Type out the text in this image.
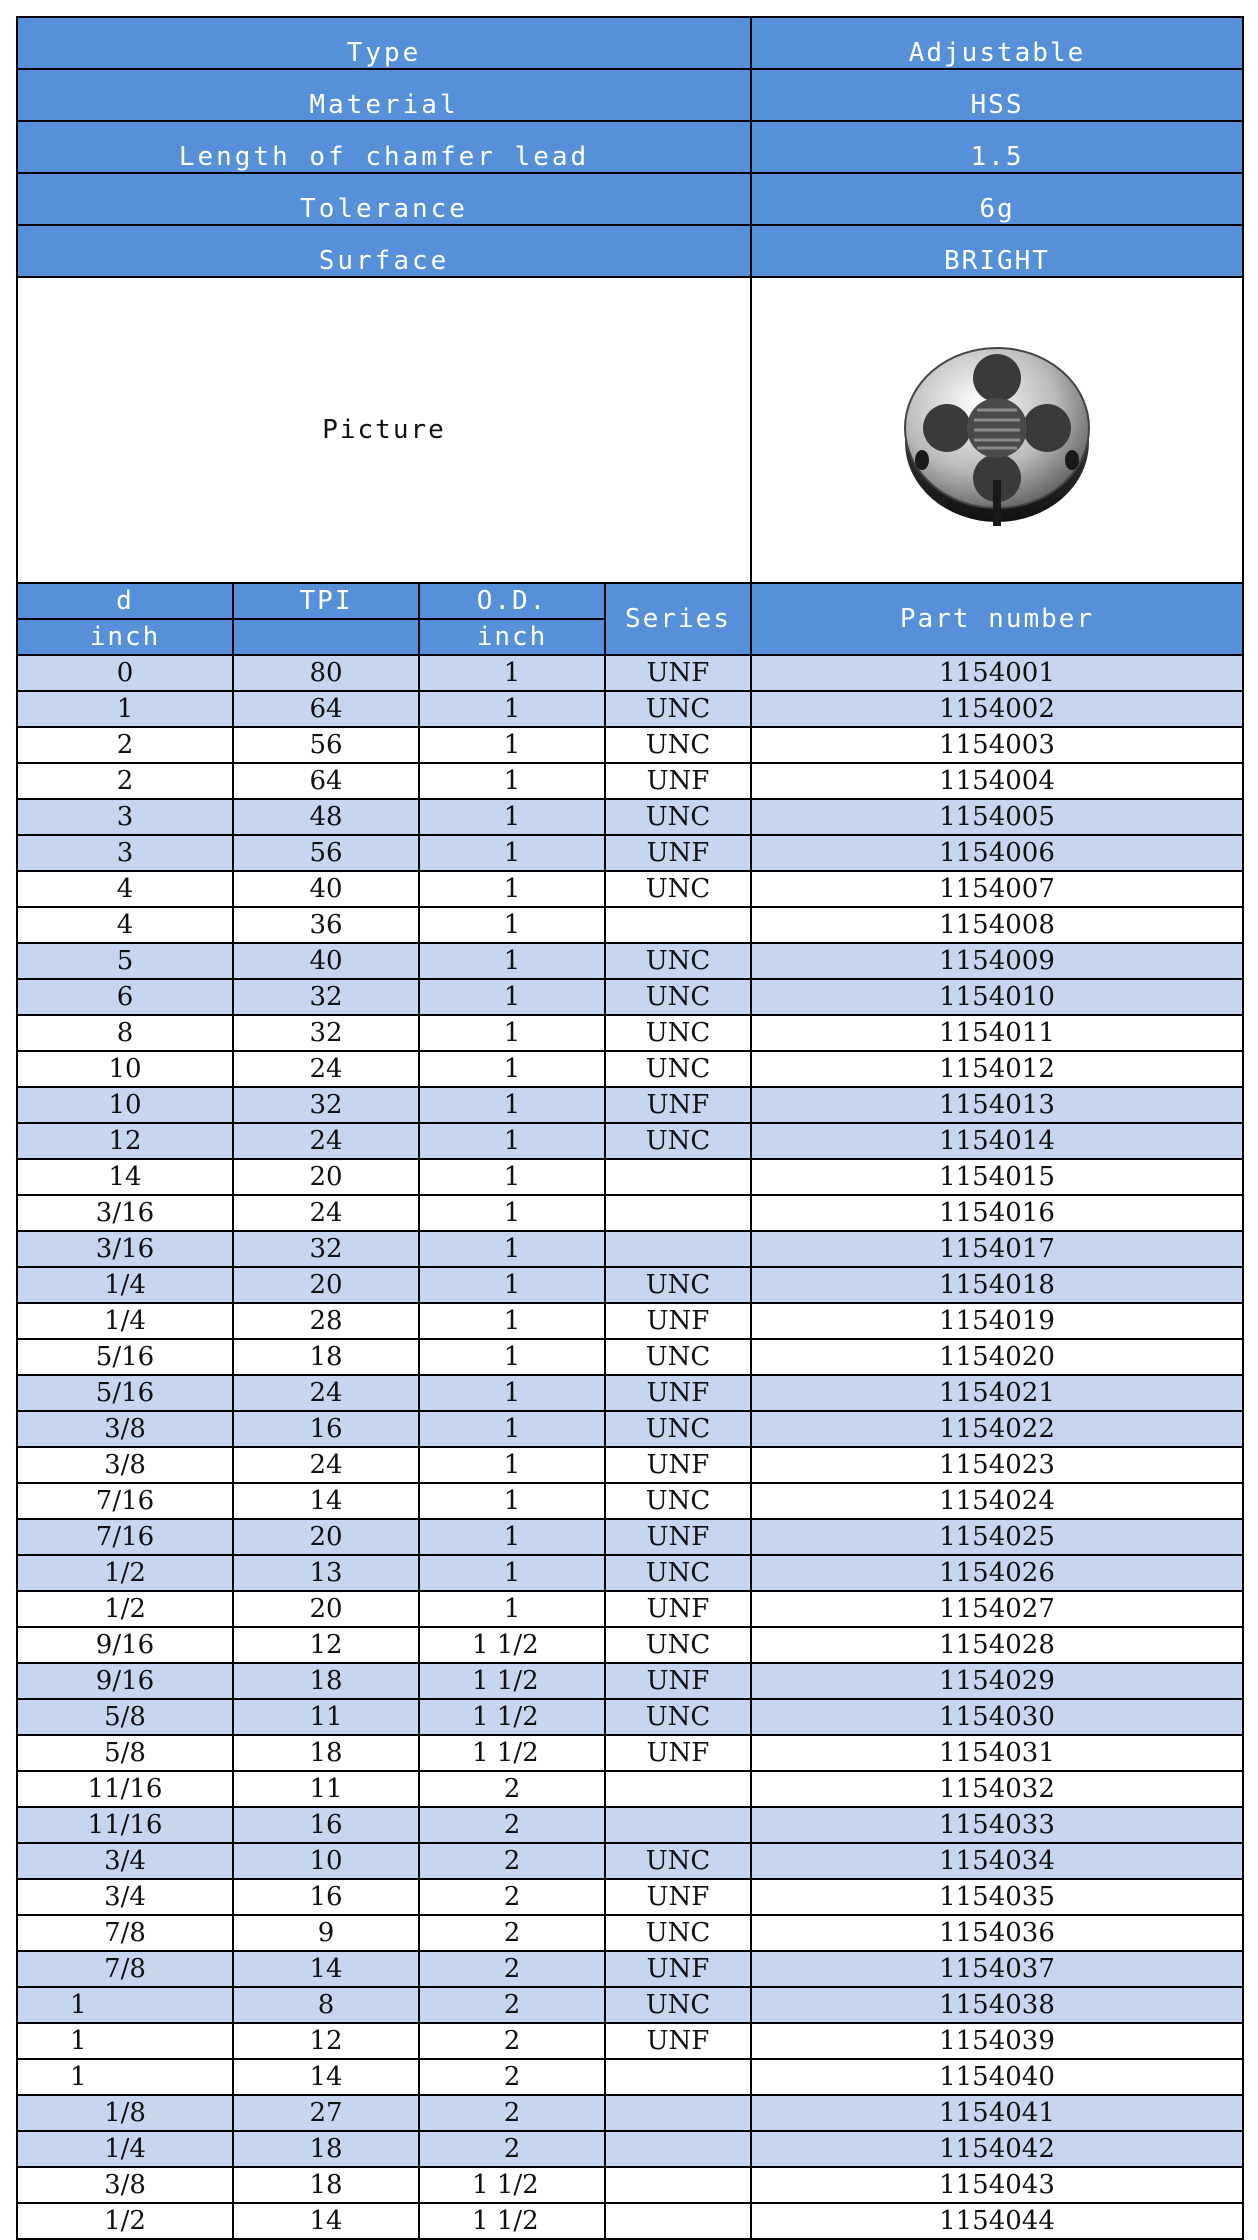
Type				Adjustable
Material				HSS
Length of chamfer lead				1.5
Tolerance				6g
Surface				BRIGHT
Picture	

d	TPI	O.D.	Series	Part number
inch		inch		
0	80	1	UNF	1154001
1	64	1	UNC	1154002
2	56	1	UNC	1154003
2	64	1	UNF	1154004
3	48	1	UNC	1154005
3	56	1	UNF	1154006
4	40	1	UNC	1154007
4	36	1		1154008
5	40	1	UNC	1154009
6	32	1	UNC	1154010
8	32	1	UNC	1154011
10	24	1	UNC	1154012
10	32	1	UNF	1154013
12	24	1	UNC	1154014
14	20	1		1154015
3/16	24	1		1154016
3/16	32	1		1154017
1/4	20	1	UNC	1154018
1/4	28	1	UNF	1154019
5/16	18	1	UNC	1154020
5/16	24	1	UNF	1154021
3/8	16	1	UNC	1154022
3/8	24	1	UNF	1154023
7/16	14	1	UNC	1154024
7/16	20	1	UNF	1154025
1/2	13	1	UNC	1154026
1/2	20	1	UNF	1154027
9/16	12	1 1/2	UNC	1154028
9/16	18	1 1/2	UNF	1154029
5/8	11	1 1/2	UNC	1154030
5/8	18	1 1/2	UNF	1154031
11/16	11	2		1154032
11/16	16	2		1154033
3/4	10	2	UNC	1154034
3/4	16	2	UNF	1154035
7/8	9	2	UNC	1154036
7/8	14	2	UNF	1154037
1	8	2	UNC	1154038
1	12	2	UNF	1154039
1	14	2		1154040
1/8	27	2		1154041
1/4	18	2		1154042
3/8	18	1 1/2		1154043
1/2	14	1 1/2		1154044
